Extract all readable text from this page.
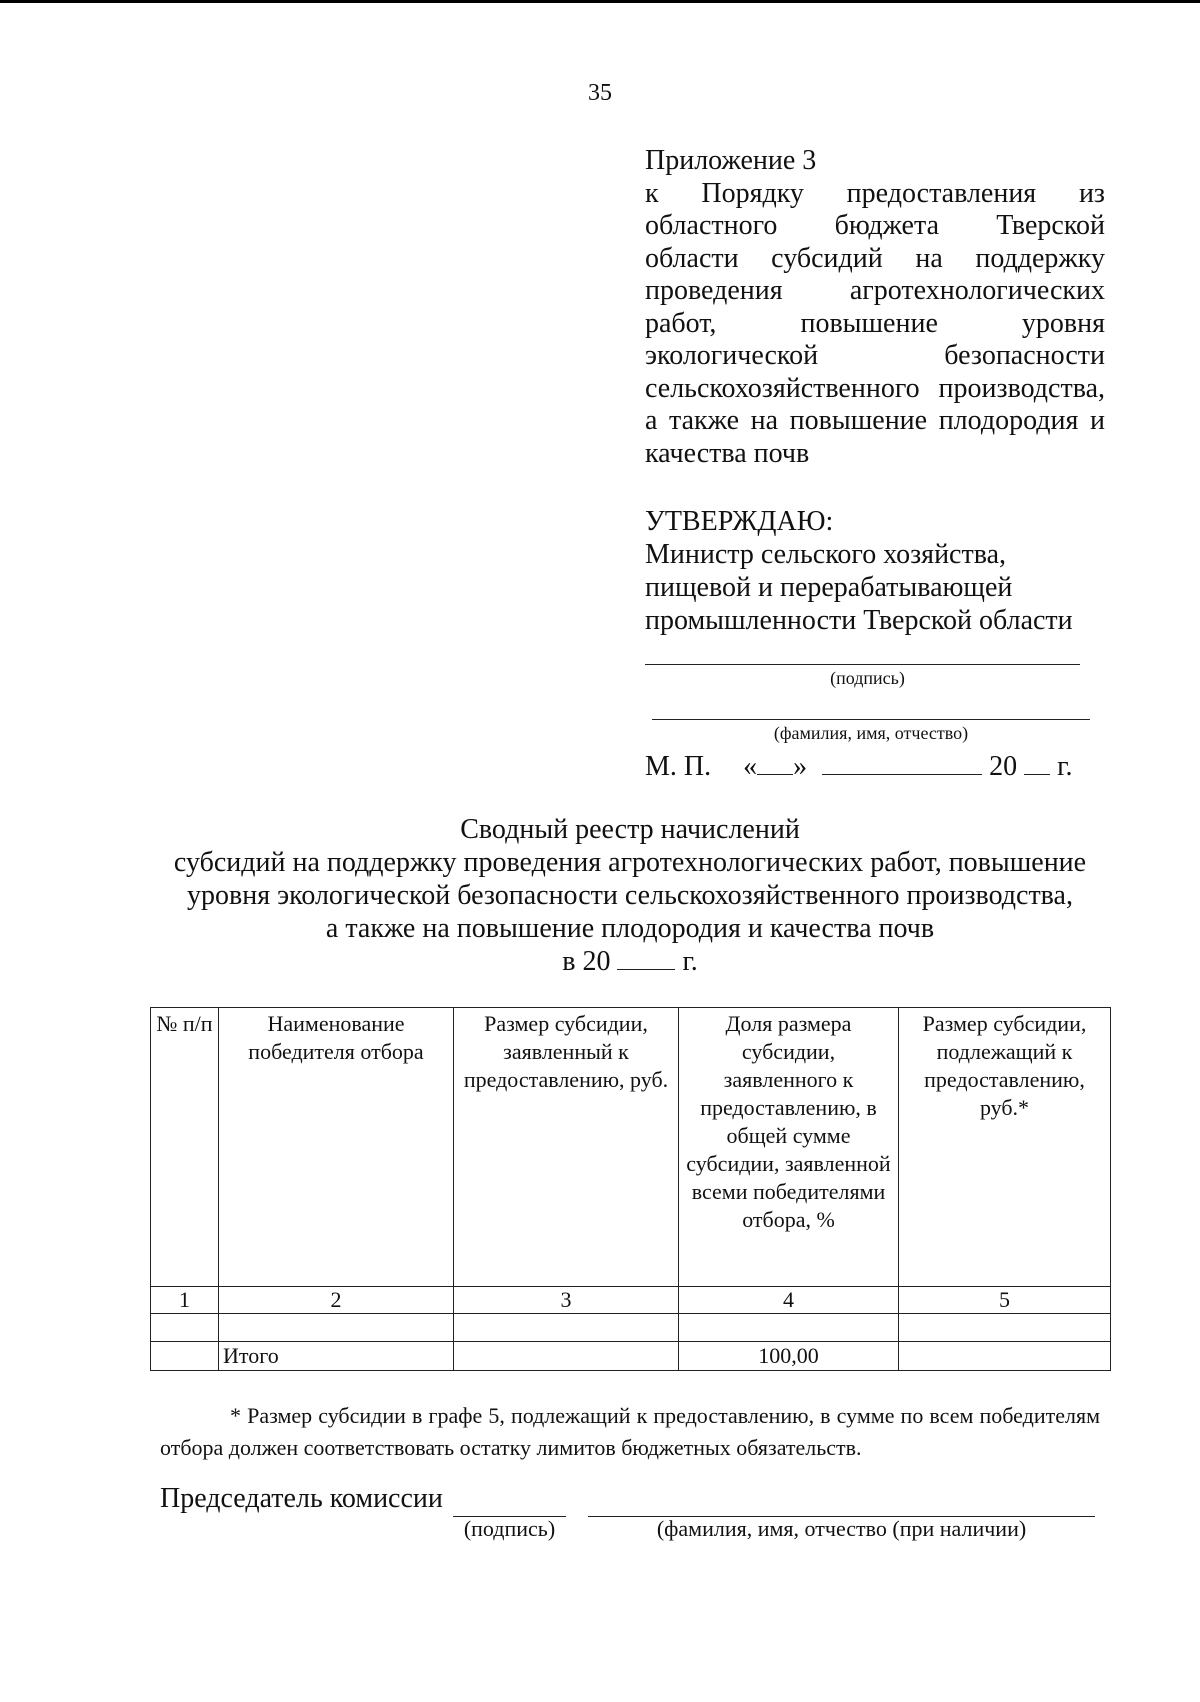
35
Приложение 3
к Порядку предоставления из
областного бюджета Тверской
области субсидий на поддержку
проведения агротехнологических
работ, повышение уровня
экологической безопасности
сельскохозяйственного производства,
а также на повышение плодородия и
качества почв
УТВЕРЖДАЮ:
Министр сельского хозяйства,
пищевой и перерабатывающей
промышленности Тверской области
(подпись)
(фамилия, имя, отчество)
М. П. « »	20 г.
Сводный реестр начислений
субсидий на поддержку проведения агротехнологических работ, повышение
уровня экологической безопасности сельскохозяйственного производства,
а также на повышение плодородия и качества почв
в 20	г.
№ п/п	Наименование победителя отбора	Размер субсидии, заявленный к предоставлению, руб.	Доля размера субсидии, заявленного к предоставлению, в общей сумме субсидии, заявленной всеми победителями отбора, %	Размер субсидии, подлежащий к предоставлению, руб.*
1	2	3	4	5

	Итого		100,00	
* Размер субсидии в графе 5, подлежащий к предоставлению, в сумме по всем победителям отбора должен соответствовать остатку лимитов бюджетных обязательств.
Председатель комиссии
(подпись)	(фамилия, имя, отчество (при наличии)
